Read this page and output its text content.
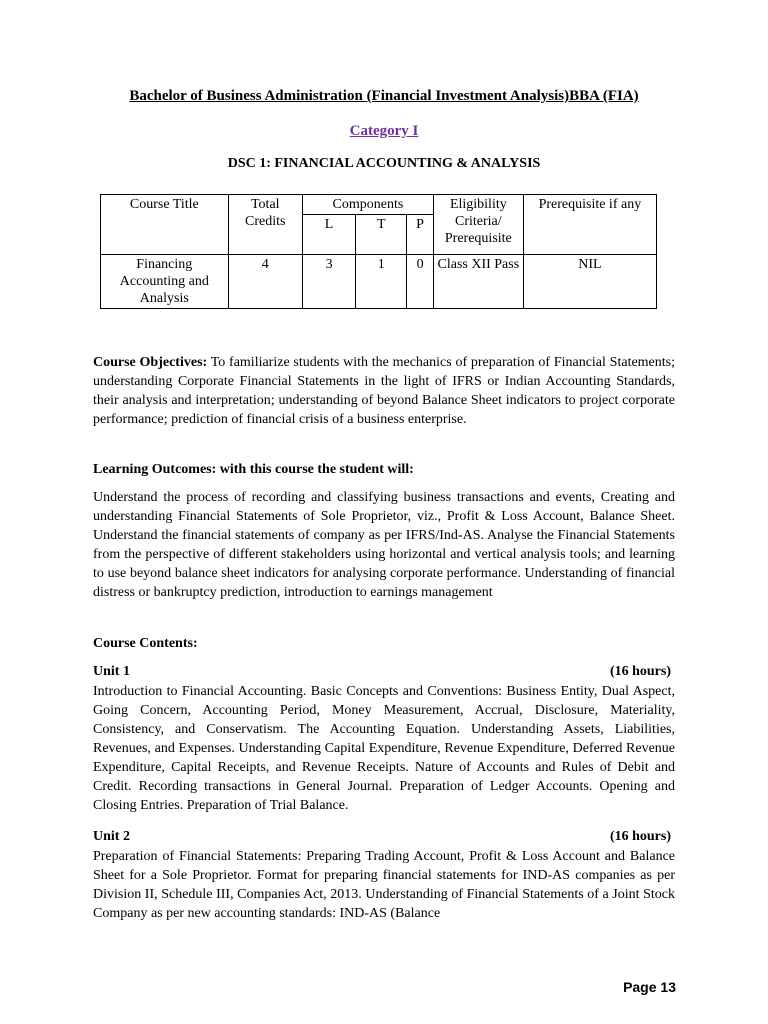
Bachelor of Business Administration (Financial Investment Analysis)BBA (FIA)
Category I
DSC 1: FINANCIAL ACCOUNTING & ANALYSIS
Course Title	Total Credits	Components			Eligibility Criteria/ Prerequisite	Prerequisite if any
		L	T	P		
Financing Accounting and Analysis	4	3	1	0	Class XII Pass	NIL
Course Objectives: To familiarize students with the mechanics of preparation of Financial Statements; understanding Corporate Financial Statements in the light of IFRS or Indian Accounting Standards, their analysis and interpretation; understanding of beyond Balance Sheet indicators to project corporate performance; prediction of financial crisis of a business enterprise.
Learning Outcomes: with this course the student will:
Understand the process of recording and classifying business transactions and events, Creating and understanding Financial Statements of Sole Proprietor, viz., Profit & Loss Account, Balance Sheet. Understand the financial statements of company as per IFRS/Ind-AS. Analyse the Financial Statements from the perspective of different stakeholders using horizontal and vertical analysis tools; and learning to use beyond balance sheet indicators for analysing corporate performance. Understanding of financial distress or bankruptcy prediction, introduction to earnings management
Course Contents:
Unit 1	(16 hours)
Introduction to Financial Accounting. Basic Concepts and Conventions: Business Entity, Dual Aspect, Going Concern, Accounting Period, Money Measurement, Accrual, Disclosure, Materiality, Consistency, and Conservatism. The Accounting Equation. Understanding Assets, Liabilities, Revenues, and Expenses. Understanding Capital Expenditure, Revenue Expenditure, Deferred Revenue Expenditure, Capital Receipts, and Revenue Receipts. Nature of Accounts and Rules of Debit and Credit. Recording transactions in General Journal. Preparation of Ledger Accounts. Opening and Closing Entries. Preparation of Trial Balance.
Unit 2	(16 hours)
Preparation of Financial Statements: Preparing Trading Account, Profit & Loss Account and Balance Sheet for a Sole Proprietor. Format for preparing financial statements for IND-AS companies as per Division II, Schedule III, Companies Act, 2013. Understanding of Financial Statements of a Joint Stock Company as per new accounting standards: IND-AS (Balance
Page 13
